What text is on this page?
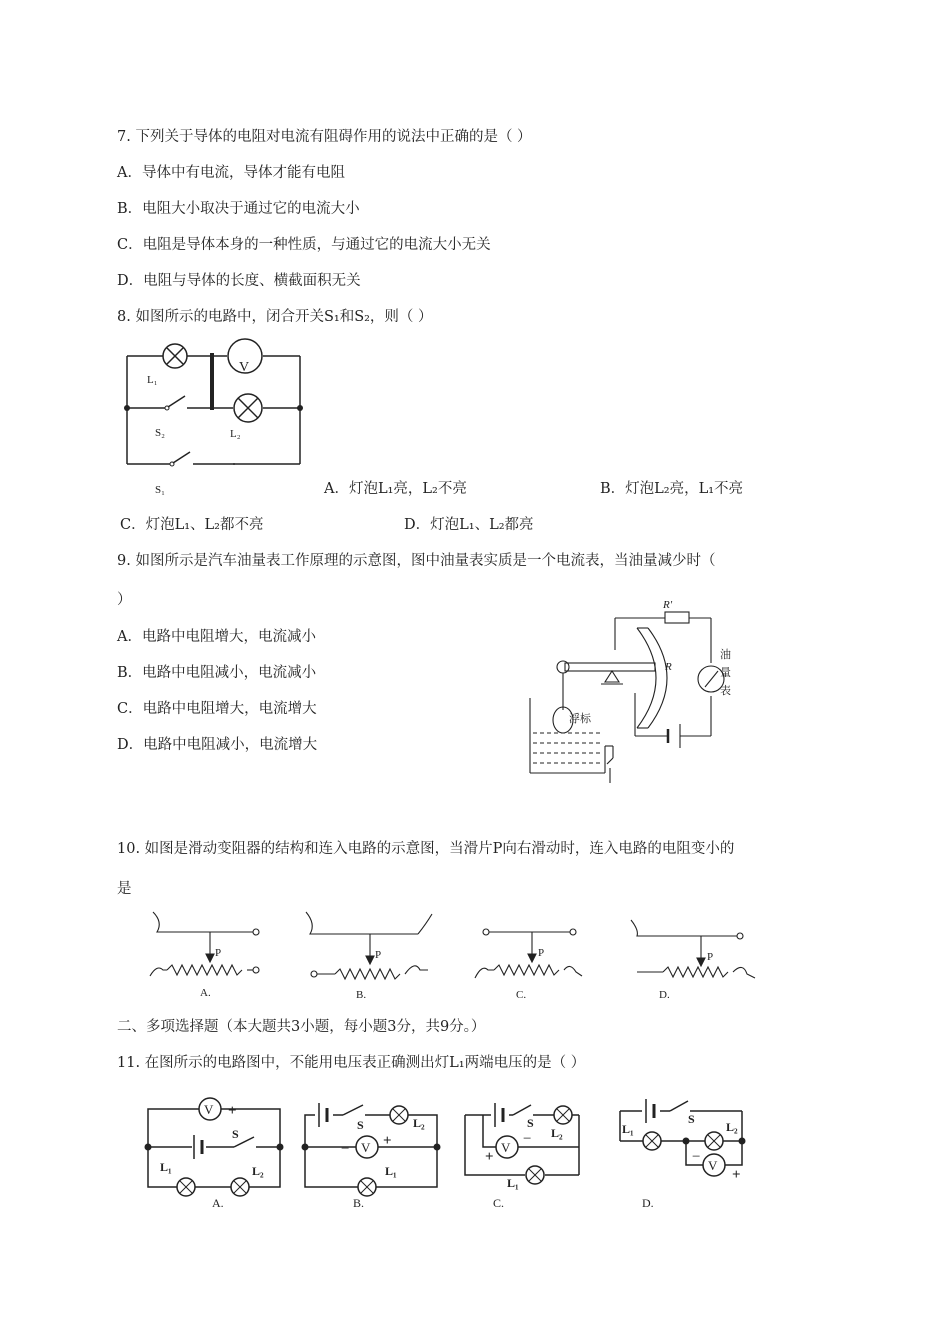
7. 下列关于导体的电阻对电流有阻碍作用的说法中正确的是（ ）
A．导体中有电流，导体才能有电阻
B．电阻大小取决于通过它的电流大小
C．电阻是导体本身的一种性质，与通过它的电流大小无关
D．电阻与导体的长度、横截面积无关
8. 如图所示的电路中，闭合开关S₁和S₂，则（ ）
V
L₁
S₂	L₂
S₁	A．灯泡L₁亮，L₂不亮	B．灯泡L₂亮，L₁不亮
C．灯泡L₁、L₂都不亮	D．灯泡L₁、L₂都亮
9. 如图所示是汽车油量表工作原理的示意图，图中油量表实质是一个电流表，当油量减少时（
）
A．电路中电阻增大，电流减小
B．电路中电阻减小，电流减小
C．电路中电阻增大，电流增大
D．电路中电阻减小，电流增大
R'
R
油
量
表
浮标
10. 如图是滑动变阻器的结构和连入电路的示意图，当滑片P向右滑动时，连入电路的电阻变小的
是
P
A.
P
B.
P
C.
P
D.
二、多项选择题（本大题共3小题，每小题3分，共9分。）
11. 在图所示的电路图中，不能用电压表正确测出灯L₁两端电压的是（ ）
V
−	+
S
L₁	L₂
A.
S	L₂
V
− +
L₁
B.
S
L₂
V
+
−
L₁
C.
S
L₁	L₂
V
−
+
D.
